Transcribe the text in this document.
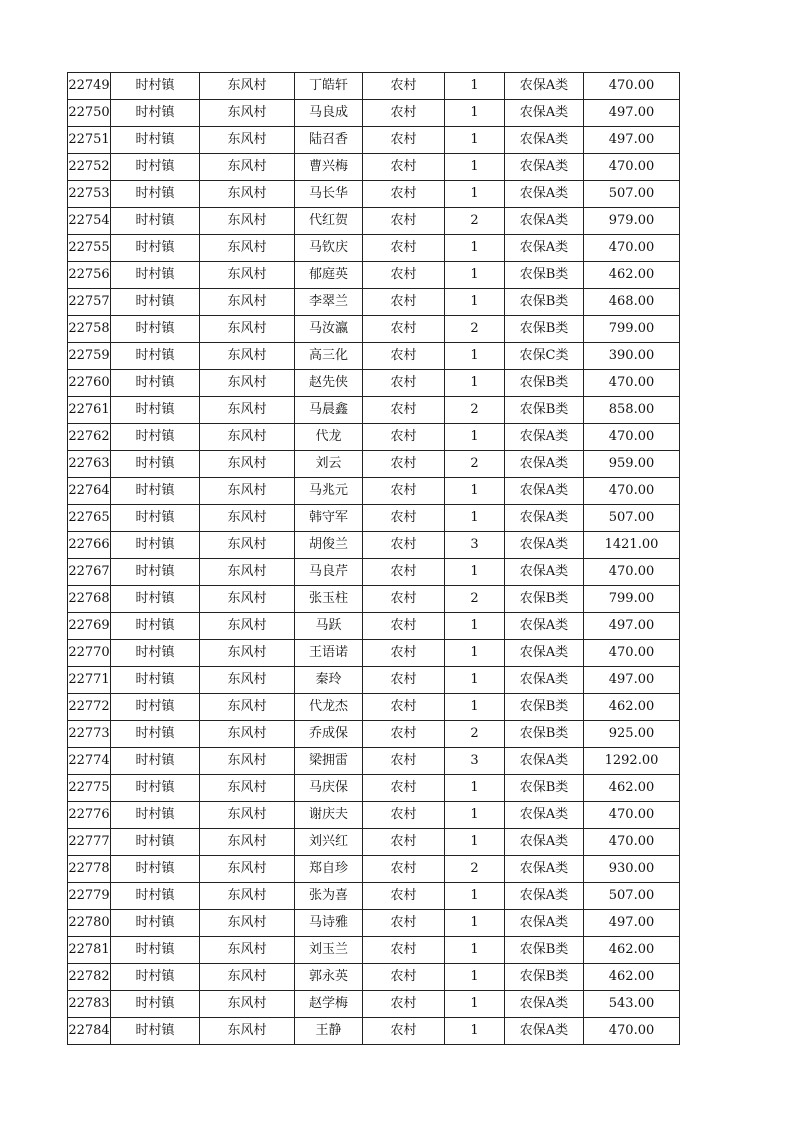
22749	时村镇	东风村	丁皓轩	农村	1	农保A类	470.00
22750	时村镇	东风村	马良成	农村	1	农保A类	497.00
22751	时村镇	东风村	陆召香	农村	1	农保A类	497.00
22752	时村镇	东风村	曹兴梅	农村	1	农保A类	470.00
22753	时村镇	东风村	马长华	农村	1	农保A类	507.00
22754	时村镇	东风村	代红贺	农村	2	农保A类	979.00
22755	时村镇	东风村	马钦庆	农村	1	农保A类	470.00
22756	时村镇	东风村	郁庭英	农村	1	农保B类	462.00
22757	时村镇	东风村	李翠兰	农村	1	农保B类	468.00
22758	时村镇	东风村	马汝瀛	农村	2	农保B类	799.00
22759	时村镇	东风村	高三化	农村	1	农保C类	390.00
22760	时村镇	东风村	赵先侠	农村	1	农保B类	470.00
22761	时村镇	东风村	马晨鑫	农村	2	农保B类	858.00
22762	时村镇	东风村	代龙	农村	1	农保A类	470.00
22763	时村镇	东风村	刘云	农村	2	农保A类	959.00
22764	时村镇	东风村	马兆元	农村	1	农保A类	470.00
22765	时村镇	东风村	韩守军	农村	1	农保A类	507.00
22766	时村镇	东风村	胡俊兰	农村	3	农保A类	1421.00
22767	时村镇	东风村	马良芹	农村	1	农保A类	470.00
22768	时村镇	东风村	张玉柱	农村	2	农保B类	799.00
22769	时村镇	东风村	马跃	农村	1	农保A类	497.00
22770	时村镇	东风村	王语诺	农村	1	农保A类	470.00
22771	时村镇	东风村	秦玲	农村	1	农保A类	497.00
22772	时村镇	东风村	代龙杰	农村	1	农保B类	462.00
22773	时村镇	东风村	乔成保	农村	2	农保B类	925.00
22774	时村镇	东风村	梁拥雷	农村	3	农保A类	1292.00
22775	时村镇	东风村	马庆保	农村	1	农保B类	462.00
22776	时村镇	东风村	谢庆夫	农村	1	农保A类	470.00
22777	时村镇	东风村	刘兴红	农村	1	农保A类	470.00
22778	时村镇	东风村	郑自珍	农村	2	农保A类	930.00
22779	时村镇	东风村	张为喜	农村	1	农保A类	507.00
22780	时村镇	东风村	马诗雅	农村	1	农保A类	497.00
22781	时村镇	东风村	刘玉兰	农村	1	农保B类	462.00
22782	时村镇	东风村	郭永英	农村	1	农保B类	462.00
22783	时村镇	东风村	赵学梅	农村	1	农保A类	543.00
22784	时村镇	东风村	王静	农村	1	农保A类	470.00
